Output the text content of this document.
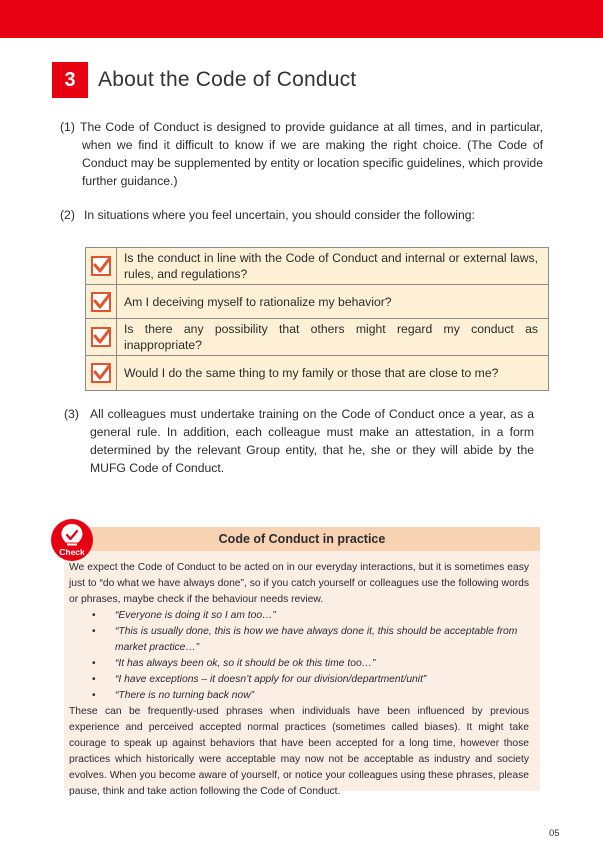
3	About the Code of Conduct
(1) The Code of Conduct is designed to provide guidance at all times, and in particular, when we find it difficult to know if we are making the right choice. (The Code of Conduct may be supplemented by entity or location specific guidelines, which provide further guidance.)
(2) In situations where you feel uncertain, you should consider the following:
Is the conduct in line with the Code of Conduct and internal or external laws, rules, and regulations?
Am I deceiving myself to rationalize my behavior?
Is there any possibility that others might regard my conduct as inappropriate?
Would I do the same thing to my family or those that are close to me?
(3) All colleagues must undertake training on the Code of Conduct once a year, as a general rule. In addition, each colleague must make an attestation, in a form determined by the relevant Group entity, that he, she or they will abide by the MUFG Code of Conduct.
Code of Conduct in practice

We expect the Code of Conduct to be acted on in our everyday interactions, but it is sometimes easy just to “do what we have always done”, so if you catch yourself or colleagues use the following words or phrases, maybe check if the behaviour needs review.

• “Everyone is doing it so I am too…”
• “This is usually done, this is how we have always done it, this should be acceptable from market practice…”
• “It has always been ok, so it should be ok this time too…”
• “I have exceptions – it doesn’t apply for our division/department/unit”
• “There is no turning back now”

These can be frequently-used phrases when individuals have been influenced by previous experience and perceived accepted normal practices (sometimes called biases). It might take courage to speak up against behaviors that have been accepted for a long time, however those practices which historically were acceptable may now not be acceptable as industry and society evolves. When you become aware of yourself, or notice your colleagues using these phrases, please pause, think and take action following the Code of Conduct.

Check
05
